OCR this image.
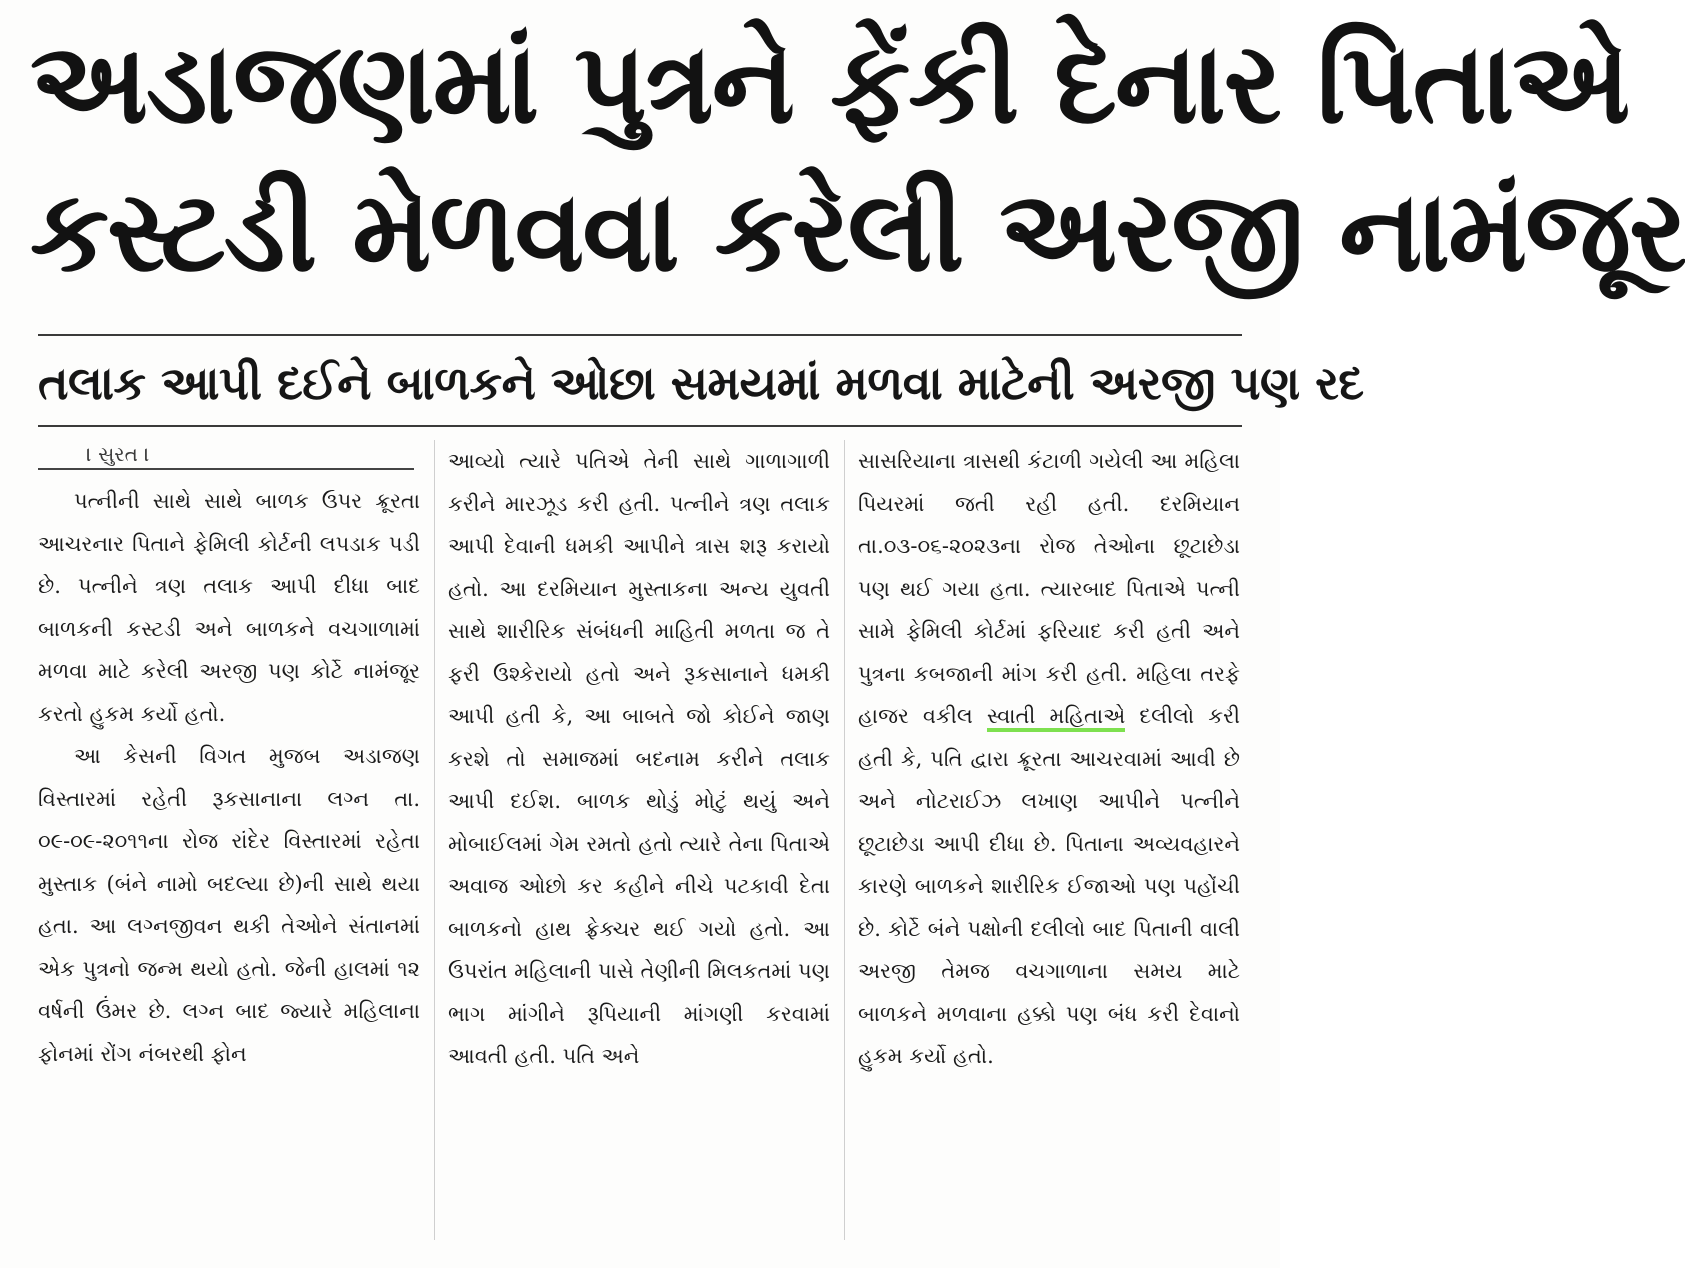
અડાજણમાં પુત્રને ફેંકી દેનાર પિતાએ
કસ્ટડી મેળવવા કરેલી અરજી નામંજૂર
તલાક આપી દઈને બાળકને ઓછા સમયમાં મળવા માટેની અરજી પણ રદ
। સુરત ।

પત્નીની સાથે સાથે બાળક ઉપર ક્રૂરતા આચરનાર પિતાને ફેમિલી કોર્ટની લપડાક પડી છે. પત્નીને ત્રણ તલાક આપી દીધા બાદ બાળકની કસ્ટડી અને બાળકને વચગાળામાં મળવા માટે કરેલી અરજી પણ કોર્ટે નામંજૂર કરતો હુકમ કર્યો હતો.

આ કેસની વિગત મુજબ અડાજણ વિસ્તારમાં રહેતી રૂકસાનાના લગ્ન તા. ૦૯-૦૯-૨૦૧૧ના રોજ રાંદેર વિસ્તારમાં રહેતા મુસ્તાક (બંને નામો બદલ્યા છે)ની સાથે થયા હતા. આ લગ્નજીવન થકી તેઓને સંતાનમાં એક પુત્રનો જન્મ થયો હતો. જેની હાલમાં ૧૨ વર્ષની ઉંમર છે. લગ્ન બાદ જ્યારે મહિલાના ફોનમાં રોંગ નંબરથી ફોન

આવ્યો ત્યારે પતિએ તેની સાથે ગાળાગાળી કરીને મારઝૂડ કરી હતી. પત્નીને ત્રણ તલાક આપી દેવાની ધમકી આપીને ત્રાસ શરૂ કરાયો હતો. આ દરમિયાન મુસ્તાકના અન્ય યુવતી સાથે શારીરિક સંબંધની માહિતી મળતા જ તે ફરી ઉશ્કેરાયો હતો અને રૂકસાનાને ધમકી આપી હતી કે, આ બાબતે જો કોઈને જાણ કરશે તો સમાજમાં બદનામ કરીને તલાક આપી દઈશ. બાળક થોડું મોટું થયું અને મોબાઈલમાં ગેમ રમતો હતો ત્યારે તેના પિતાએ અવાજ ઓછો કર કહીને નીચે પટકાવી દેતા બાળકનો હાથ ફ્રેક્ચર થઈ ગયો હતો. આ ઉપરાંત મહિલાની પાસે તેણીની મિલકતમાં પણ ભાગ માંગીને રૂપિયાની માંગણી કરવામાં આવતી હતી. પતિ અને

સાસરિયાના ત્રાસથી કંટાળી ગયેલી આ મહિલા પિયરમાં જતી રહી હતી. દરમિયાન તા.૦૩-૦૬-૨૦૨૩ના રોજ તેઓના છૂટાછેડા પણ થઈ ગયા હતા. ત્યારબાદ પિતાએ પત્ની સામે ફેમિલી કોર્ટમાં ફરિયાદ કરી હતી અને પુત્રના કબજાની માંગ કરી હતી. મહિલા તરફે હાજર વકીલ સ્વાતી મહિતાએ દલીલો કરી હતી કે, પતિ દ્વારા ક્રૂરતા આચરવામાં આવી છે અને નોટરાઈઝ લખાણ આપીને પત્નીને છૂટાછેડા આપી દીધા છે. પિતાના અવ્યવહારને કારણે બાળકને શારીરિક ઈજાઓ પણ પહોંચી છે. કોર્ટે બંને પક્ષોની દલીલો બાદ પિતાની વાલી અરજી તેમજ વચગાળાના સમય માટે બાળકને મળવાના હક્કો પણ બંધ કરી દેવાનો હુકમ કર્યો હતો.
